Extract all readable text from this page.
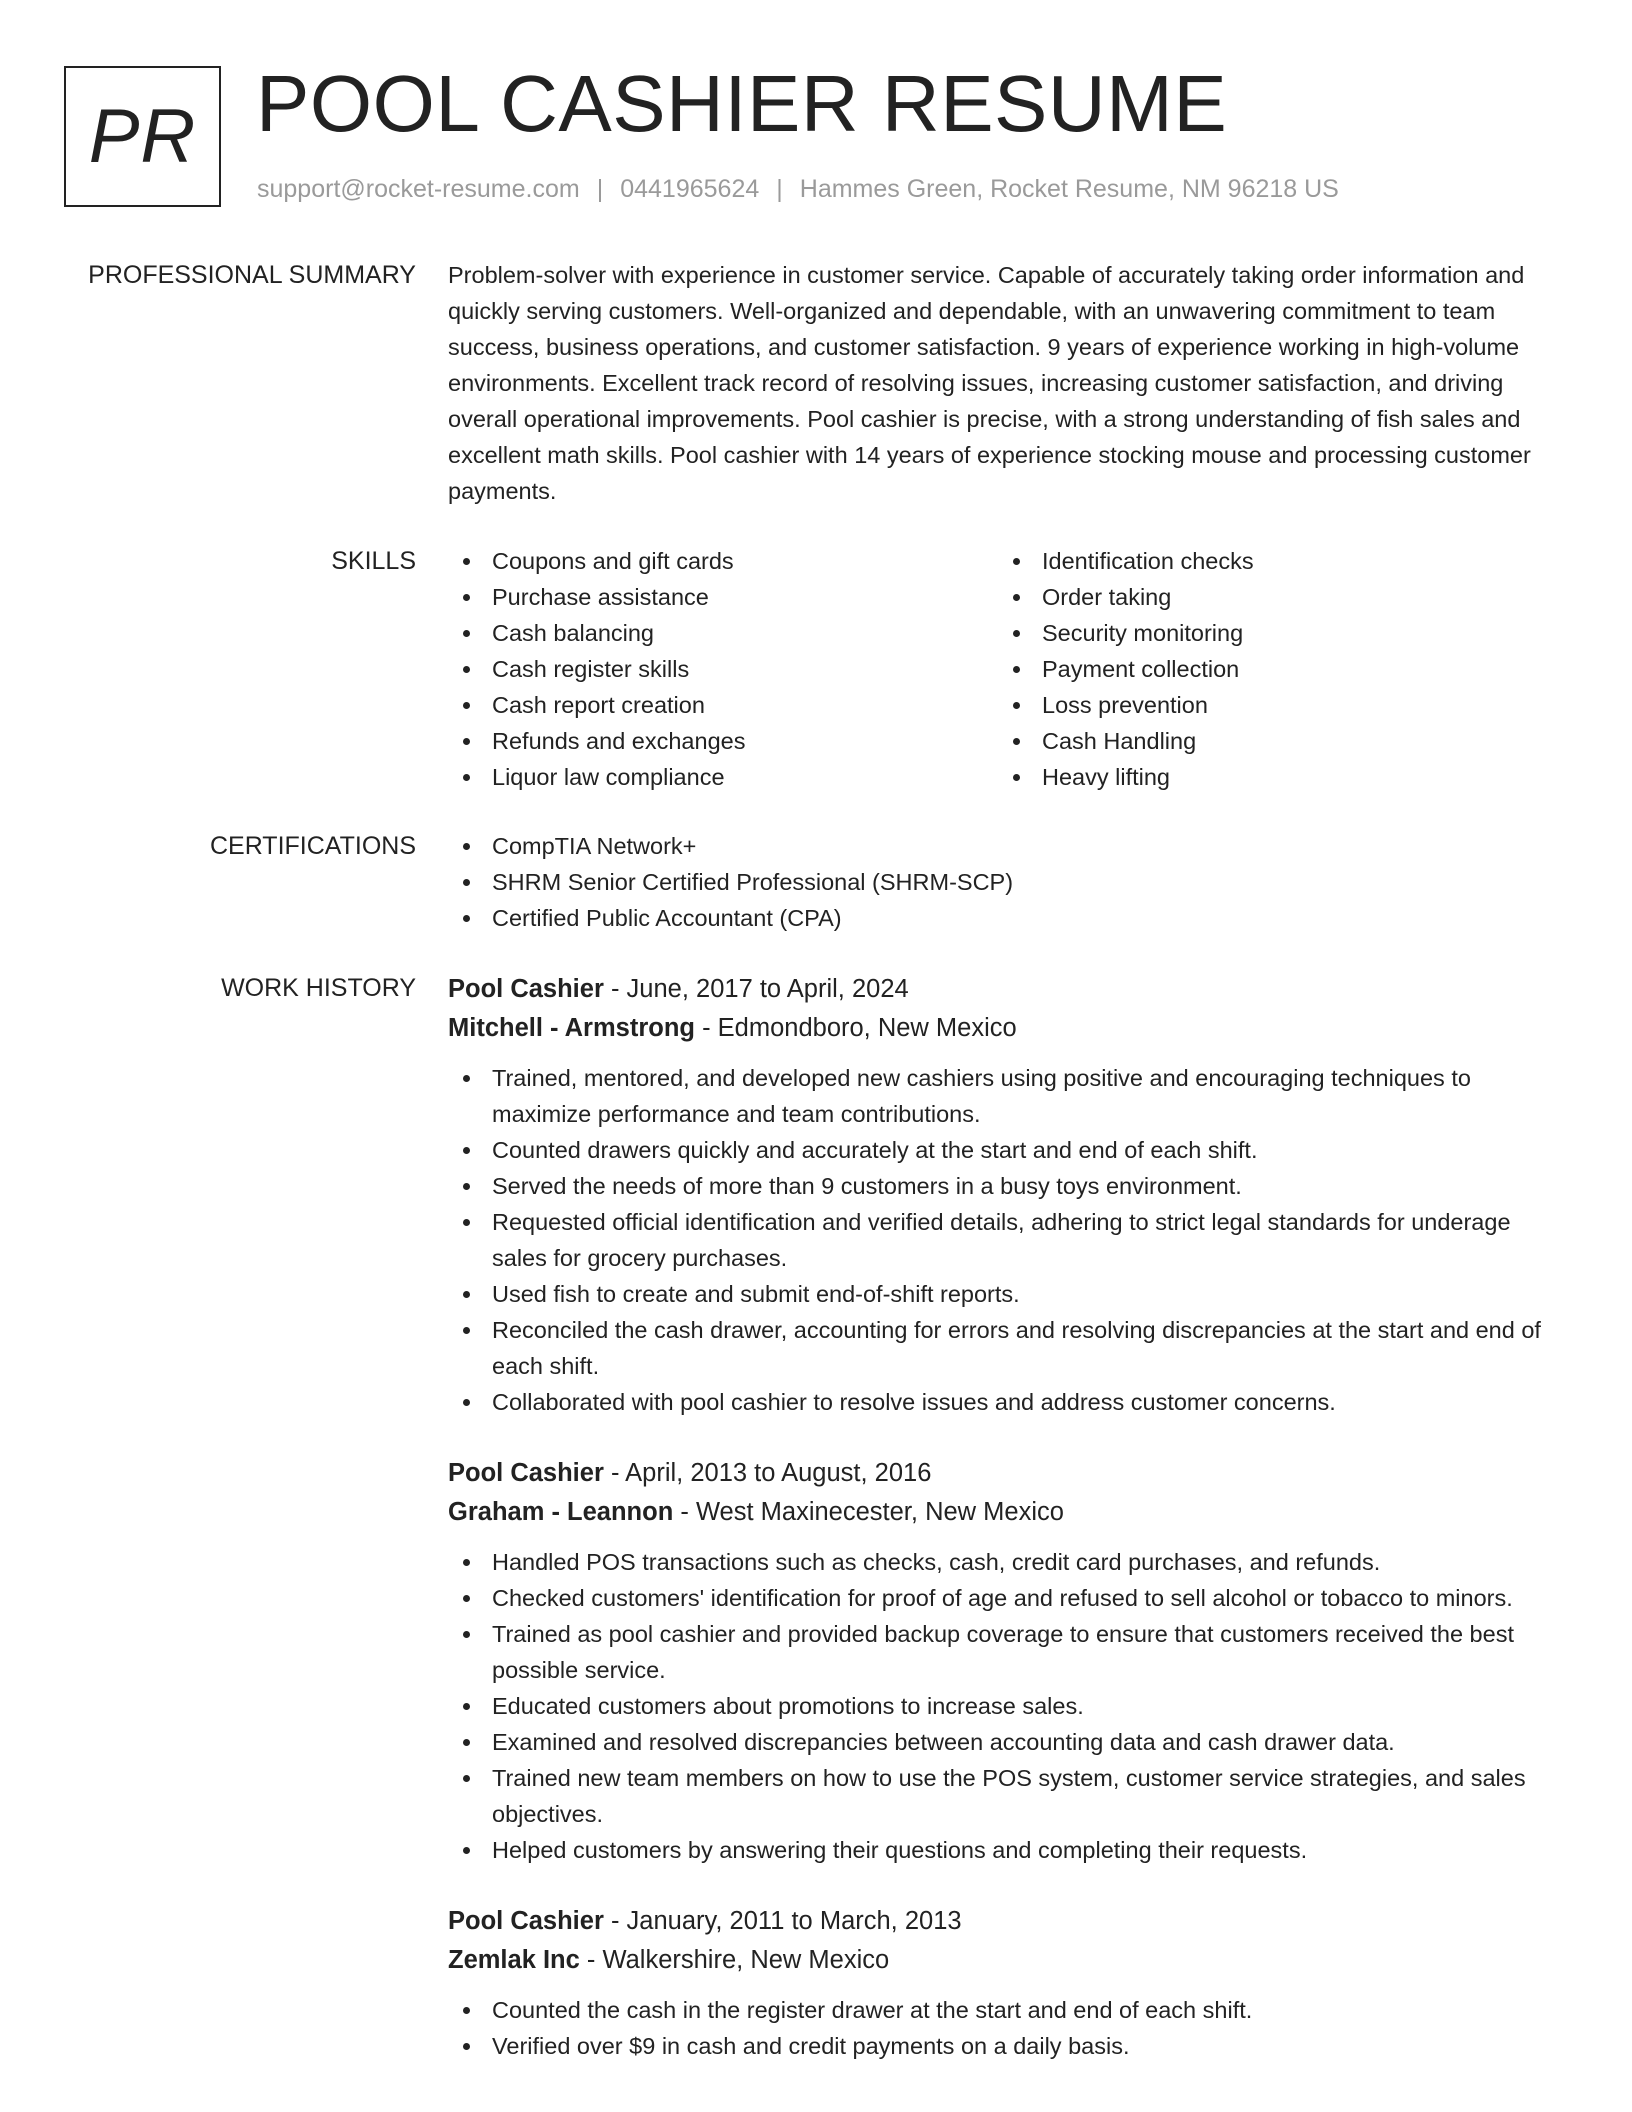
PR POOL CASHIER RESUME
support@rocket-resume.com | 0441965624 | Hammes Green, Rocket Resume, NM 96218 US
PROFESSIONAL SUMMARY Problem-solver with experience in customer service. Capable of accurately taking order information and quickly serving customers. Well-organized and dependable, with an unwavering commitment to team success, business operations, and customer satisfaction. 9 years of experience working in high-volume environments. Excellent track record of resolving issues, increasing customer satisfaction, and driving overall operational improvements. Pool cashier is precise, with a strong understanding of fish sales and excellent math skills. Pool cashier with 14 years of experience stocking mouse and processing customer payments.

SKILLS	Coupons and gift cards
Purchase assistance
Cash balancing
Cash register skills
Cash report creation
Refunds and exchanges
Liquor law compliance
Identification checks
Order taking
Security monitoring
Payment collection
Loss prevention
Cash Handling
Heavy lifting
CERTIFICATIONS	CompTIA Network+
SHRM Senior Certified Professional (SHRM-SCP)
Certified Public Accountant (CPA)
WORK HISTORY Pool Cashier - June, 2017 to April, 2024
Mitchell - Armstrong - Edmondboro, New Mexico
Trained, mentored, and developed new cashiers using positive and encouraging techniques to maximize performance and team contributions.
Counted drawers quickly and accurately at the start and end of each shift.
Served the needs of more than 9 customers in a busy toys environment.
Requested official identification and verified details, adhering to strict legal standards for underage sales for grocery purchases.
Used fish to create and submit end-of-shift reports.
Reconciled the cash drawer, accounting for errors and resolving discrepancies at the start and end of each shift.
Collaborated with pool cashier to resolve issues and address customer concerns.
Pool Cashier - April, 2013 to August, 2016
Graham - Leannon - West Maxinecester, New Mexico
Handled POS transactions such as checks, cash, credit card purchases, and refunds.
Checked customers' identification for proof of age and refused to sell alcohol or tobacco to minors.
Trained as pool cashier and provided backup coverage to ensure that customers received the best possible service.
Educated customers about promotions to increase sales.
Examined and resolved discrepancies between accounting data and cash drawer data.
Trained new team members on how to use the POS system, customer service strategies, and sales objectives.
Helped customers by answering their questions and completing their requests.
Pool Cashier - January, 2011 to March, 2013
Zemlak Inc - Walkershire, New Mexico
Counted the cash in the register drawer at the start and end of each shift.
Verified over $9 in cash and credit payments on a daily basis.
